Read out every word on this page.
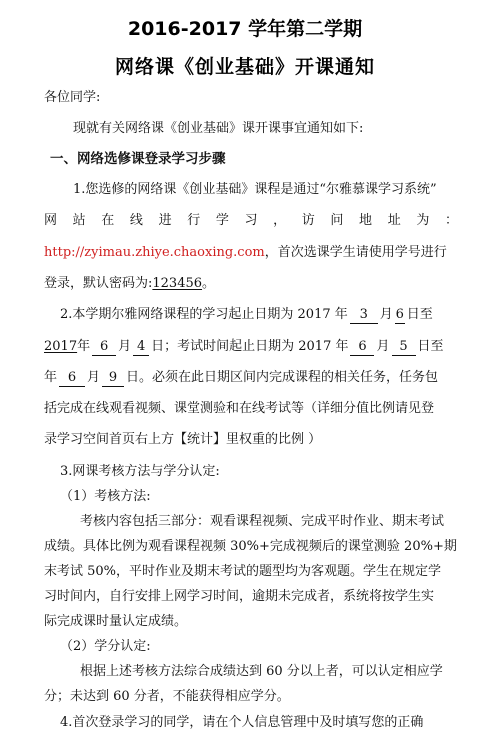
2016-2017 学年第二学期
网络课《创业基础》开课通知
各位同学:
现就有关网络课《创业基础》课开课事宜通知如下:
一、网络选修课登录学习步骤
1.您选修的网络课《创业基础》课程是通过“尔雅慕课学习系统”
网 站 在 线 进 行 学 习 ， 访 问 地 址 为 ：
http://zyimau.zhiye.chaoxing.com，首次选课学生请使用学号进行
登录，默认密码为:123456。
2.本学期尔雅网络课程的学习起止日期为 2017 年 3 月 6 日至
2017年 6 月 4 日；考试时间起止日期为 2017 年 6 月 5 日至
年 6 月 9 日。必须在此日期区间内完成课程的相关任务，任务包
括完成在线观看视频、课堂测验和在线考试等（详细分值比例请见登
录学习空间首页右上方【统计】里权重的比例 ）
3.网课考核方法与学分认定:
（1）考核方法:
考核内容包括三部分：观看课程视频、完成平时作业、期末考试
成绩。具体比例为观看课程视频 30%+完成视频后的课堂测验 20%+期
末考试 50%，平时作业及期末考试的题型均为客观题。学生在规定学
习时间内，自行安排上网学习时间，逾期未完成者，系统将按学生实
际完成课时量认定成绩。
（2）学分认定:
根据上述考核方法综合成绩达到 60 分以上者，可以认定相应学
分；未达到 60 分者，不能获得相应学分。
4.首次登录学习的同学，请在个人信息管理中及时填写您的正确
